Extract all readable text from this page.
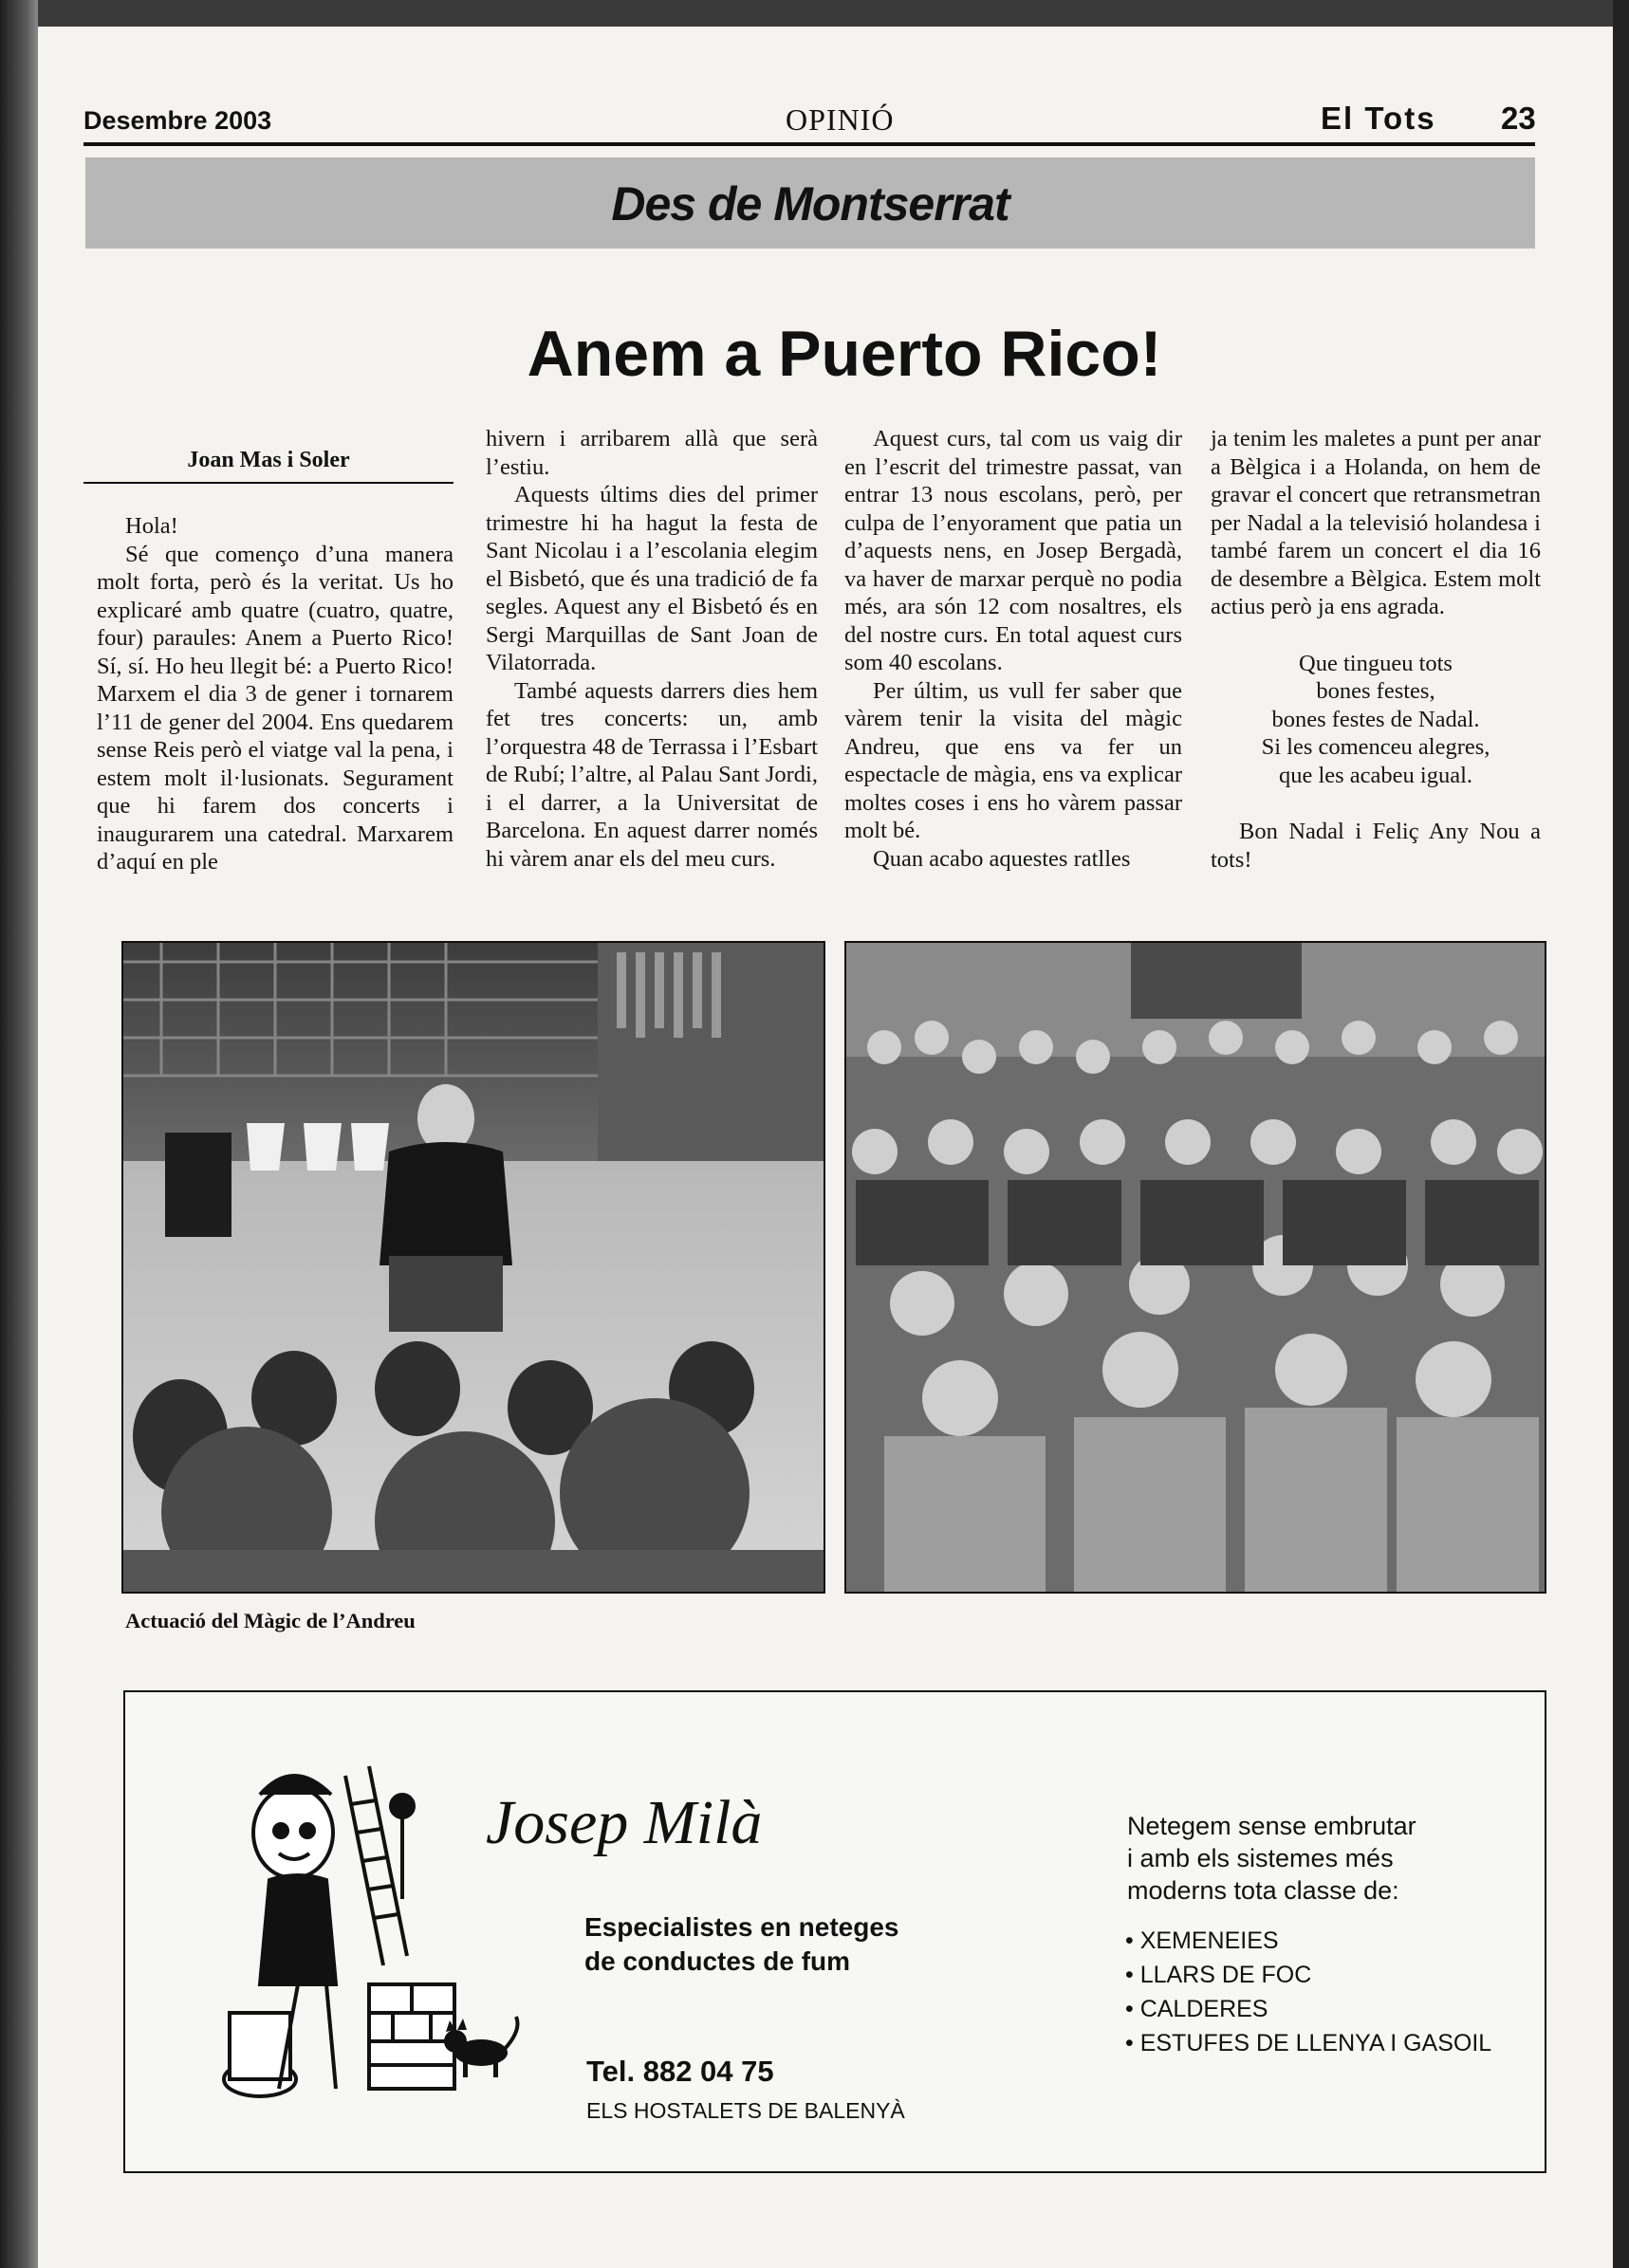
Desembre 2003	OPINIÓ	El Tots 23
Des de Montserrat
Anem a Puerto Rico!
Joan Mas i Soler

Hola!

Sé que començo d’una manera molt forta, però és la veritat. Us ho explicaré amb quatre (cuatro, quatre, four) paraules: Anem a Puerto Rico! Sí, sí. Ho heu llegit bé: a Puerto Rico! Marxem el dia 3 de gener i tornarem l’11 de gener del 2004. Ens quedarem sense Reis però el viatge val la pena, i estem molt il·lusionats. Segurament que hi farem dos concerts i inaugurarem una catedral. Marxarem d’aquí en ple

hivern i arribarem allà que serà l’estiu.

Aquests últims dies del primer trimestre hi ha hagut la festa de Sant Nicolau i a l’escolania elegim el Bisbetó, que és una tradició de fa segles. Aquest any el Bisbetó és en Sergi Marquillas de Sant Joan de Vilatorrada.

També aquests darrers dies hem fet tres concerts: un, amb l’orquestra 48 de Terrassa i l’Esbart de Rubí; l’altre, al Palau Sant Jordi, i el darrer, a la Universitat de Barcelona. En aquest darrer només hi vàrem anar els del meu curs.

Aquest curs, tal com us vaig dir en l’escrit del trimestre passat, van entrar 13 nous escolans, però, per culpa de l’enyorament que patia un d’aquests nens, en Josep Bergadà, va haver de marxar perquè no podia més, ara són 12 com nosaltres, els del nostre curs. En total aquest curs som 40 escolans.

Per últim, us vull fer saber que vàrem tenir la visita del màgic Andreu, que ens va fer un espectacle de màgia, ens va explicar moltes coses i ens ho vàrem passar molt bé.

Quan acabo aquestes ratlles

ja tenim les maletes a punt per anar a Bèlgica i a Holanda, on hem de gravar el concert que retransmetran per Nadal a la televisió holandesa i també farem un concert el dia 16 de desembre a Bèlgica. Estem molt actius però ja ens agrada.

Que tingueu tots

bones festes,

bones festes de Nadal.

Si les comenceu alegres,

que les acabeu igual.

Bon Nadal i Feliç Any Nou a tots!

Actuació del Màgic de l’Andreu
Josep Milà
Especialistes en neteges
de conductes de fum
Tel. 882 04 75
ELS HOSTALETS DE BALENYÀ
Netegem sense embrutar
i amb els sistemes més
moderns tota classe de:
• XEMENEIES
• LLARS DE FOC
• CALDERES
• ESTUFES DE LLENYA I GASOIL
